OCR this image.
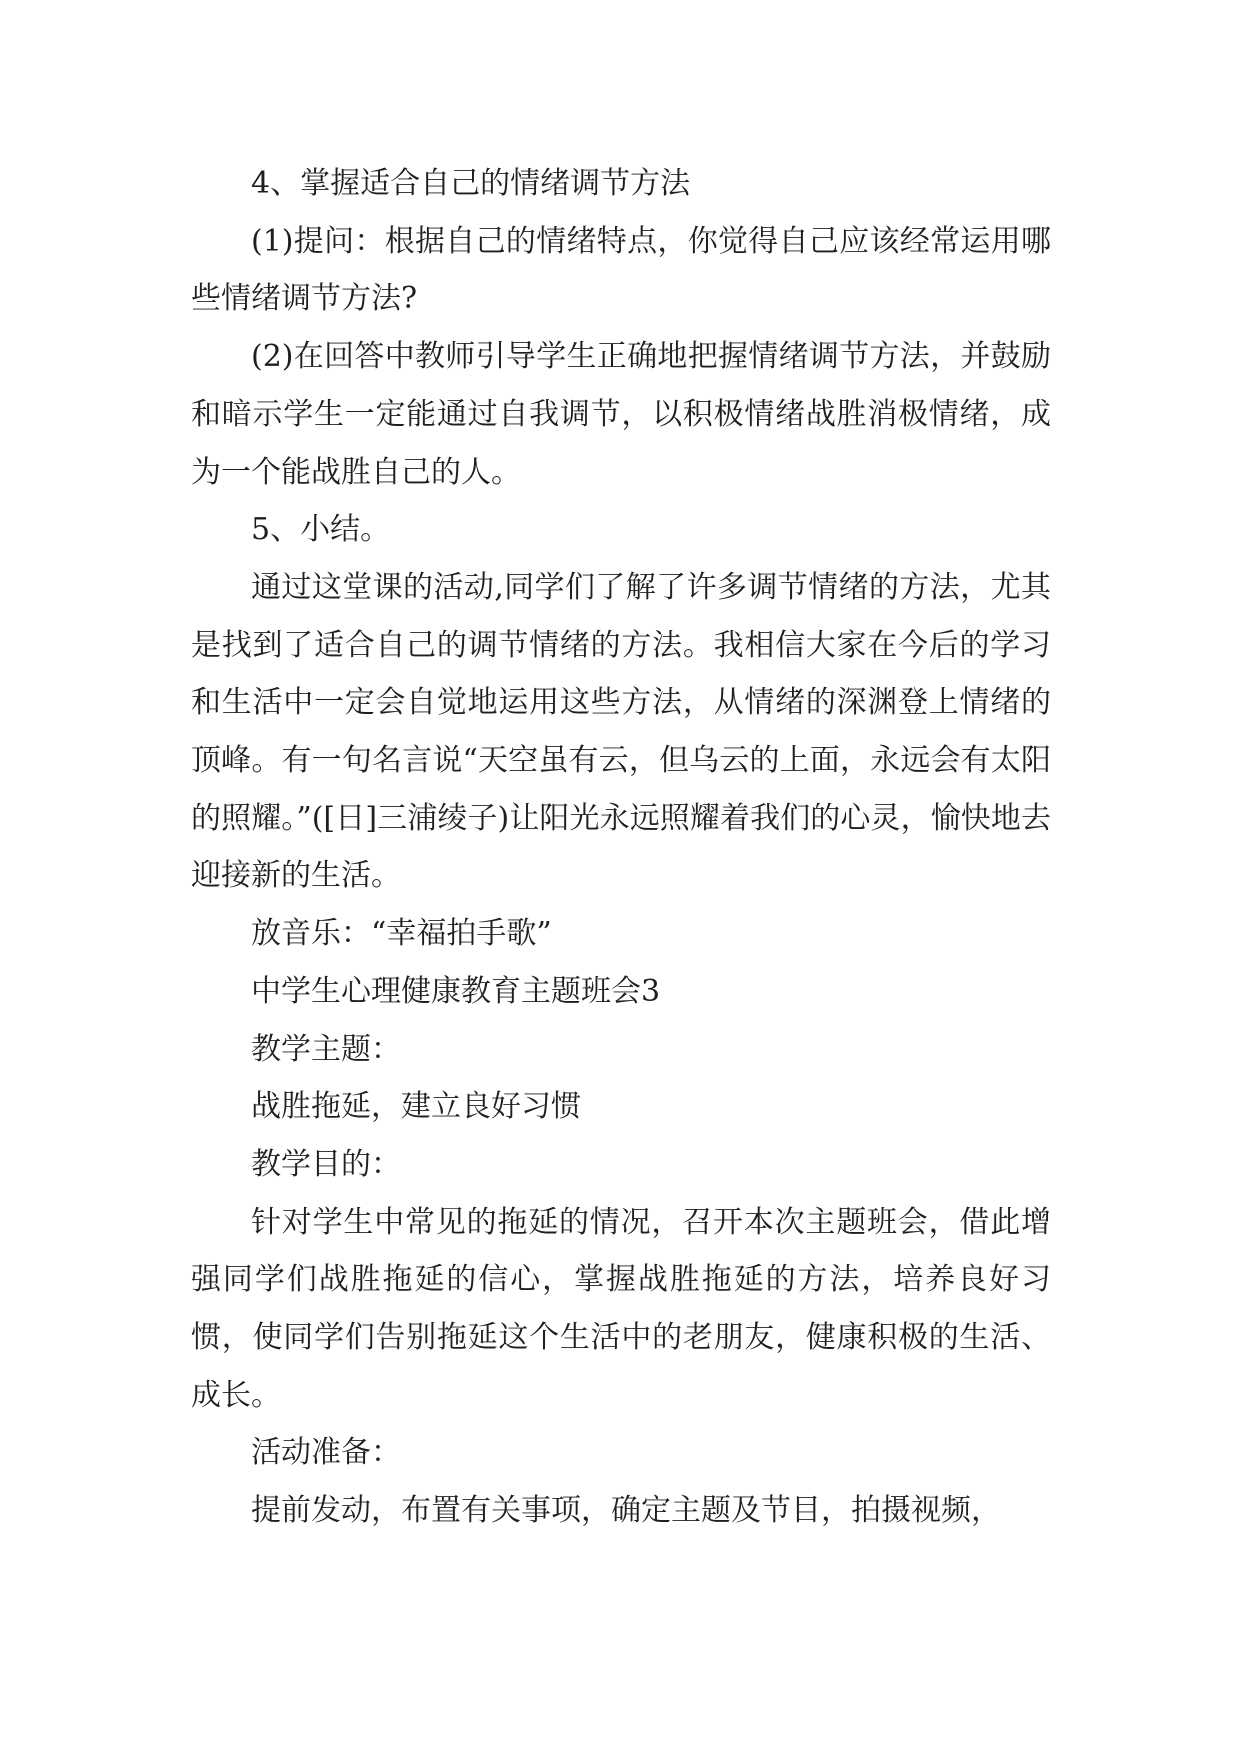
4、掌握适合自己的情绪调节方法

(1)提问：根据自己的情绪特点，你觉得自己应该经常运用哪些情绪调节方法?

(2)在回答中教师引导学生正确地把握情绪调节方法，并鼓励和暗示学生一定能通过自我调节，以积极情绪战胜消极情绪，成为一个能战胜自己的人。

5、小结。

通过这堂课的活动,同学们了解了许多调节情绪的方法，尤其是找到了适合自己的调节情绪的方法。我相信大家在今后的学习和生活中一定会自觉地运用这些方法，从情绪的深渊登上情绪的顶峰。有一句名言说“天空虽有云，但乌云的上面，永远会有太阳的照耀。”([日]三浦绫子)让阳光永远照耀着我们的心灵，愉快地去迎接新的生活。

放音乐：“幸福拍手歌”

中学生心理健康教育主题班会3

教学主题：

战胜拖延，建立良好习惯

教学目的：

针对学生中常见的拖延的情况，召开本次主题班会，借此增强同学们战胜拖延的信心，掌握战胜拖延的方法，培养良好习惯，使同学们告别拖延这个生活中的老朋友，健康积极的生活、成长。

活动准备：

提前发动，布置有关事项，确定主题及节目，拍摄视频，
